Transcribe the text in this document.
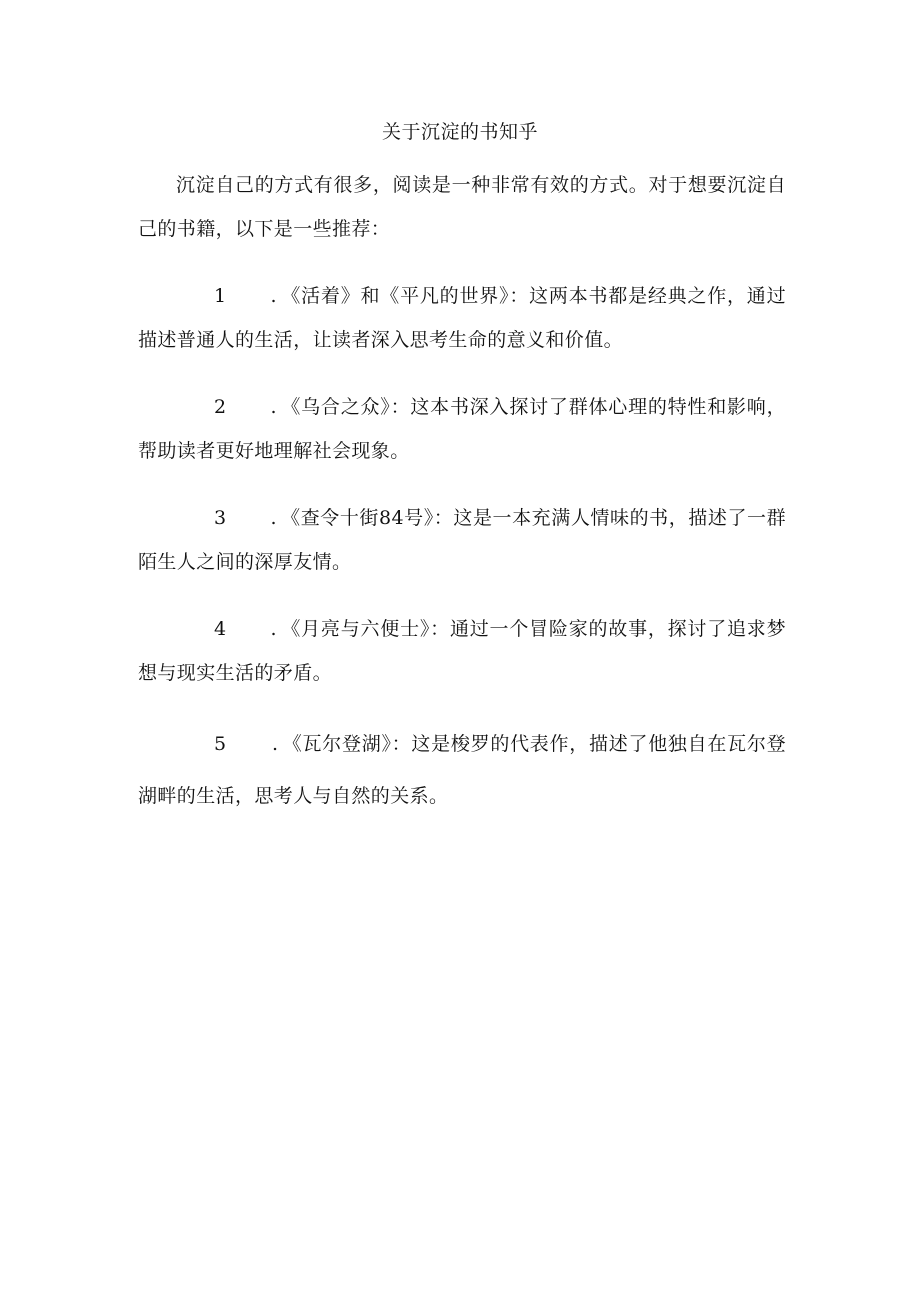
关于沉淀的书知乎

沉淀自己的方式有很多，阅读是一种非常有效的方式。对于想要沉淀自己的书籍，以下是一些推荐：

1 . 《活着》和《平凡的世界》：这两本书都是经典之作，通过描述普通人的生活，让读者深入思考生命的意义和价值。

2 . 《乌合之众》：这本书深入探讨了群体心理的特性和影响，帮助读者更好地理解社会现象。

3 . 《查令十街84号》：这是一本充满人情味的书，描述了一群陌生人之间的深厚友情。

4 . 《月亮与六便士》：通过一个冒险家的故事，探讨了追求梦想与现实生活的矛盾。

5 . 《瓦尔登湖》：这是梭罗的代表作，描述了他独自在瓦尔登湖畔的生活，思考人与自然的关系。
